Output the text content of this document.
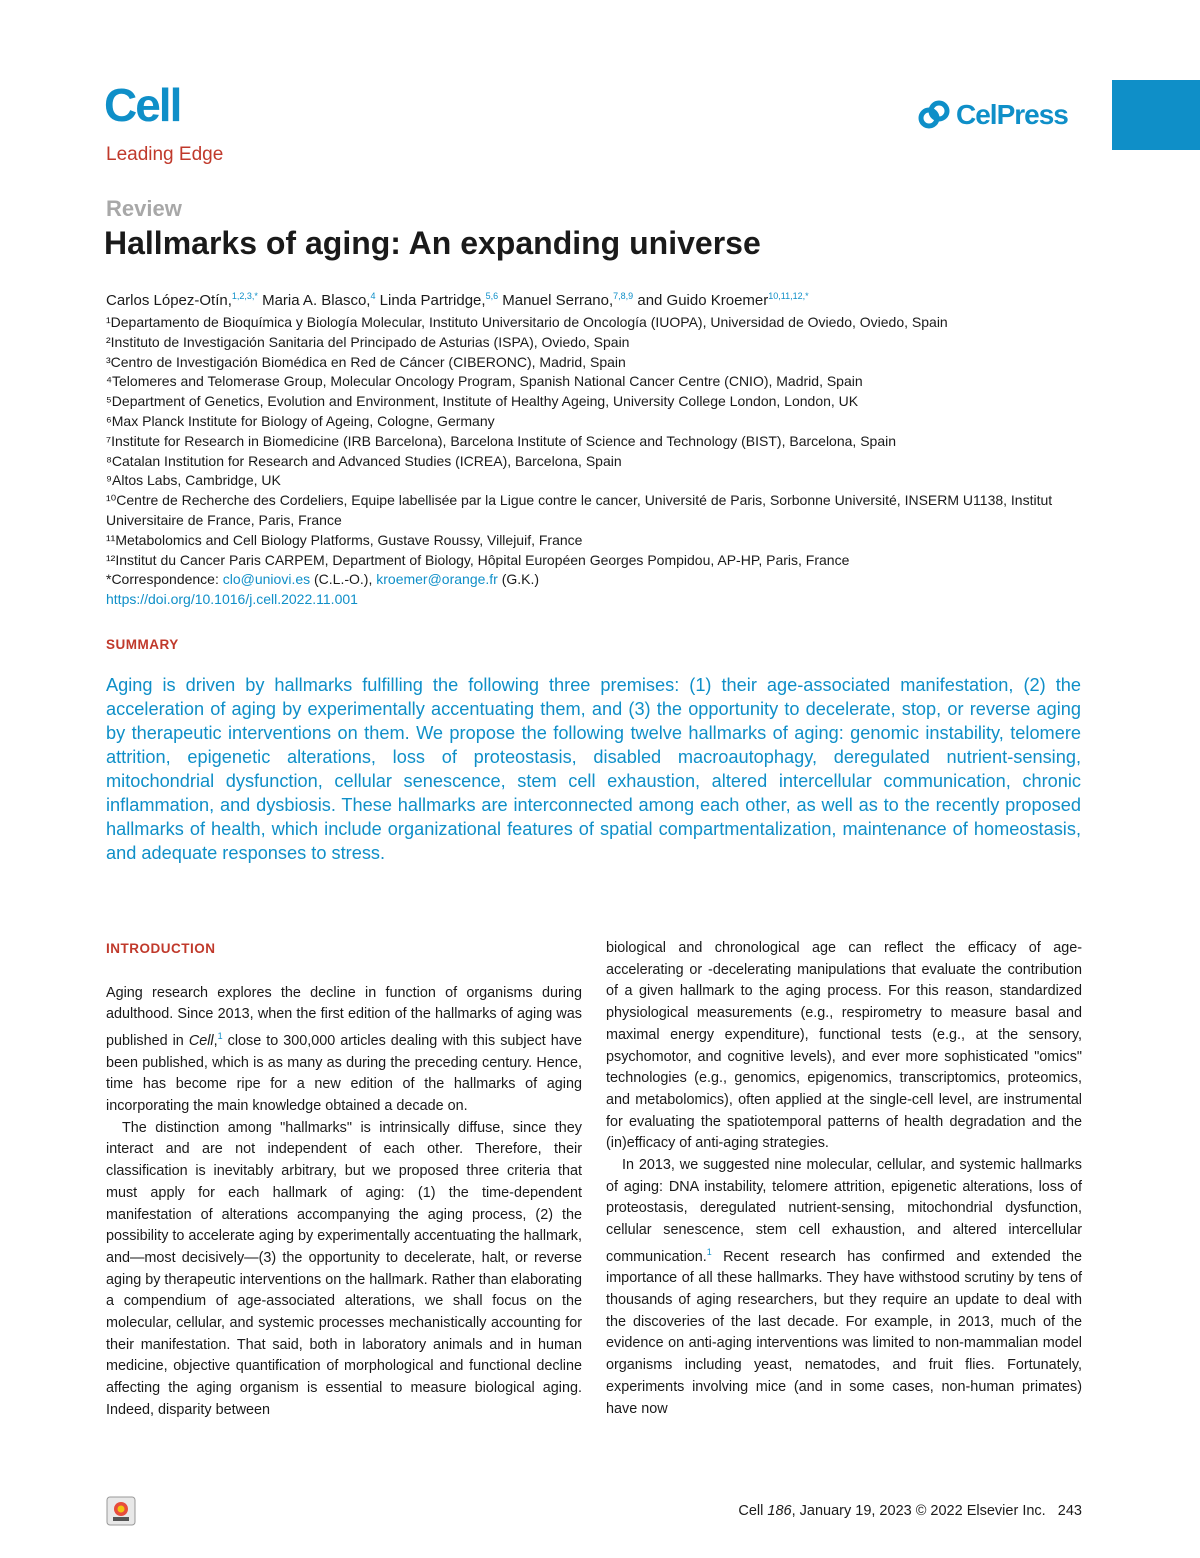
Cell
Leading Edge
CelPress
Review
Hallmarks of aging: An expanding universe
Carlos López-Otín,$^{1,2,3,*}$ Maria A. Blasco,$^4$ Linda Partridge,$^{5,6}$ Manuel Serrano,$^{7,8,9}$ and Guido Kroemer$^{10,11,12,*}$
¹Departamento de Bioquímica y Biología Molecular, Instituto Universitario de Oncología (IUOPA), Universidad de Oviedo, Oviedo, Spain
²Instituto de Investigación Sanitaria del Principado de Asturias (ISPA), Oviedo, Spain
³Centro de Investigación Biomédica en Red de Cáncer (CIBERONC), Madrid, Spain
⁴Telomeres and Telomerase Group, Molecular Oncology Program, Spanish National Cancer Centre (CNIO), Madrid, Spain
⁵Department of Genetics, Evolution and Environment, Institute of Healthy Ageing, University College London, London, UK
⁶Max Planck Institute for Biology of Ageing, Cologne, Germany
⁷Institute for Research in Biomedicine (IRB Barcelona), Barcelona Institute of Science and Technology (BIST), Barcelona, Spain
⁸Catalan Institution for Research and Advanced Studies (ICREA), Barcelona, Spain
⁹Altos Labs, Cambridge, UK
¹⁰Centre de Recherche des Cordeliers, Equipe labellisée par la Ligue contre le cancer, Université de Paris, Sorbonne Université, INSERM U1138, Institut Universitaire de France, Paris, France
¹¹Metabolomics and Cell Biology Platforms, Gustave Roussy, Villejuif, France
¹²Institut du Cancer Paris CARPEM, Department of Biology, Hôpital Européen Georges Pompidou, AP-HP, Paris, France
*Correspondence: clo@uniovi.es (C.L.-O.), kroemer@orange.fr (G.K.)
https://doi.org/10.1016/j.cell.2022.11.001
SUMMARY
Aging is driven by hallmarks fulfilling the following three premises: (1) their age-associated manifestation, (2) the acceleration of aging by experimentally accentuating them, and (3) the opportunity to decelerate, stop, or reverse aging by therapeutic interventions on them. We propose the following twelve hallmarks of aging: genomic instability, telomere attrition, epigenetic alterations, loss of proteostasis, disabled macroautophagy, deregulated nutrient-sensing, mitochondrial dysfunction, cellular senescence, stem cell exhaustion, altered intercellular communication, chronic inflammation, and dysbiosis. These hallmarks are interconnected among each other, as well as to the recently proposed hallmarks of health, which include organizational features of spatial compartmentalization, maintenance of homeostasis, and adequate responses to stress.

INTRODUCTION

Aging research explores the decline in function of organisms during adulthood. Since 2013, when the first edition of the hallmarks of aging was published in Cell,$^1$ close to 300,000 articles dealing with this subject have been published, which is as many as during the preceding century. Hence, time has become ripe for a new edition of the hallmarks of aging incorporating the main knowledge obtained a decade on.

The distinction among "hallmarks" is intrinsically diffuse, since they interact and are not independent of each other. Therefore, their classification is inevitably arbitrary, but we proposed three criteria that must apply for each hallmark of aging: (1) the time-dependent manifestation of alterations accompanying the aging process, (2) the possibility to accelerate aging by experimentally accentuating the hallmark, and—most decisively—(3) the opportunity to decelerate, halt, or reverse aging by therapeutic interventions on the hallmark. Rather than elaborating a compendium of age-associated alterations, we shall focus on the molecular, cellular, and systemic processes mechanistically accounting for their manifestation. That said, both in laboratory animals and in human medicine, objective quantification of morphological and functional decline affecting the aging organism is essential to measure biological aging. Indeed, disparity between

biological and chronological age can reflect the efficacy of age-accelerating or -decelerating manipulations that evaluate the contribution of a given hallmark to the aging process. For this reason, standardized physiological measurements (e.g., respirometry to measure basal and maximal energy expenditure), functional tests (e.g., at the sensory, psychomotor, and cognitive levels), and ever more sophisticated "omics" technologies (e.g., genomics, epigenomics, transcriptomics, proteomics, and metabolomics), often applied at the single-cell level, are instrumental for evaluating the spatiotemporal patterns of health degradation and the (in)efficacy of anti-aging strategies.

In 2013, we suggested nine molecular, cellular, and systemic hallmarks of aging: DNA instability, telomere attrition, epigenetic alterations, loss of proteostasis, deregulated nutrient-sensing, mitochondrial dysfunction, cellular senescence, stem cell exhaustion, and altered intercellular communication.$^1$ Recent research has confirmed and extended the importance of all these hallmarks. They have withstood scrutiny by tens of thousands of aging researchers, but they require an update to deal with the discoveries of the last decade. For example, in 2013, much of the evidence on anti-aging interventions was limited to non-mammalian model organisms including yeast, nematodes, and fruit flies. Fortunately, experiments involving mice (and in some cases, non-human primates) have now

Cell 186, January 19, 2023 © 2022 Elsevier Inc. 243
